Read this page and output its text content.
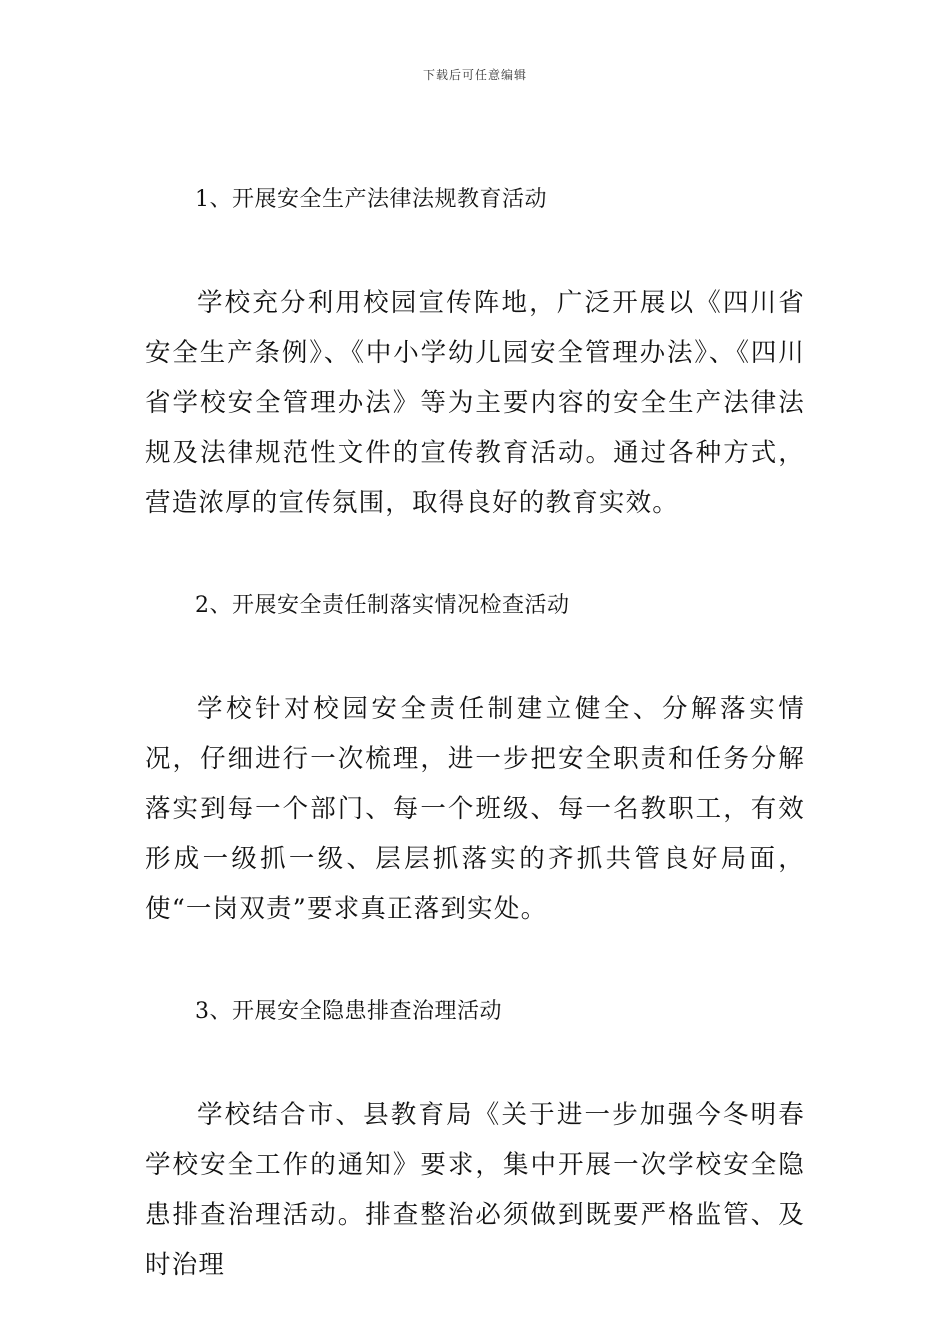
下载后可任意编辑
1、开展安全生产法律法规教育活动
学校充分利用校园宣传阵地，广泛开展以《四川省安全生产条例》、《中小学幼儿园安全管理办法》、《四川省学校安全管理办法》等为主要内容的安全生产法律法规及法律规范性文件的宣传教育活动。通过各种方式，营造浓厚的宣传氛围，取得良好的教育实效。
2、开展安全责任制落实情况检查活动
学校针对校园安全责任制建立健全、分解落实情况，仔细进行一次梳理，进一步把安全职责和任务分解落实到每一个部门、每一个班级、每一名教职工，有效形成一级抓一级、层层抓落实的齐抓共管良好局面，使“一岗双责”要求真正落到实处。
3、开展安全隐患排查治理活动
学校结合市、县教育局《关于进一步加强今冬明春学校安全工作的通知》要求，集中开展一次学校安全隐患排查治理活动。排查整治必须做到既要严格监管、及时治理
